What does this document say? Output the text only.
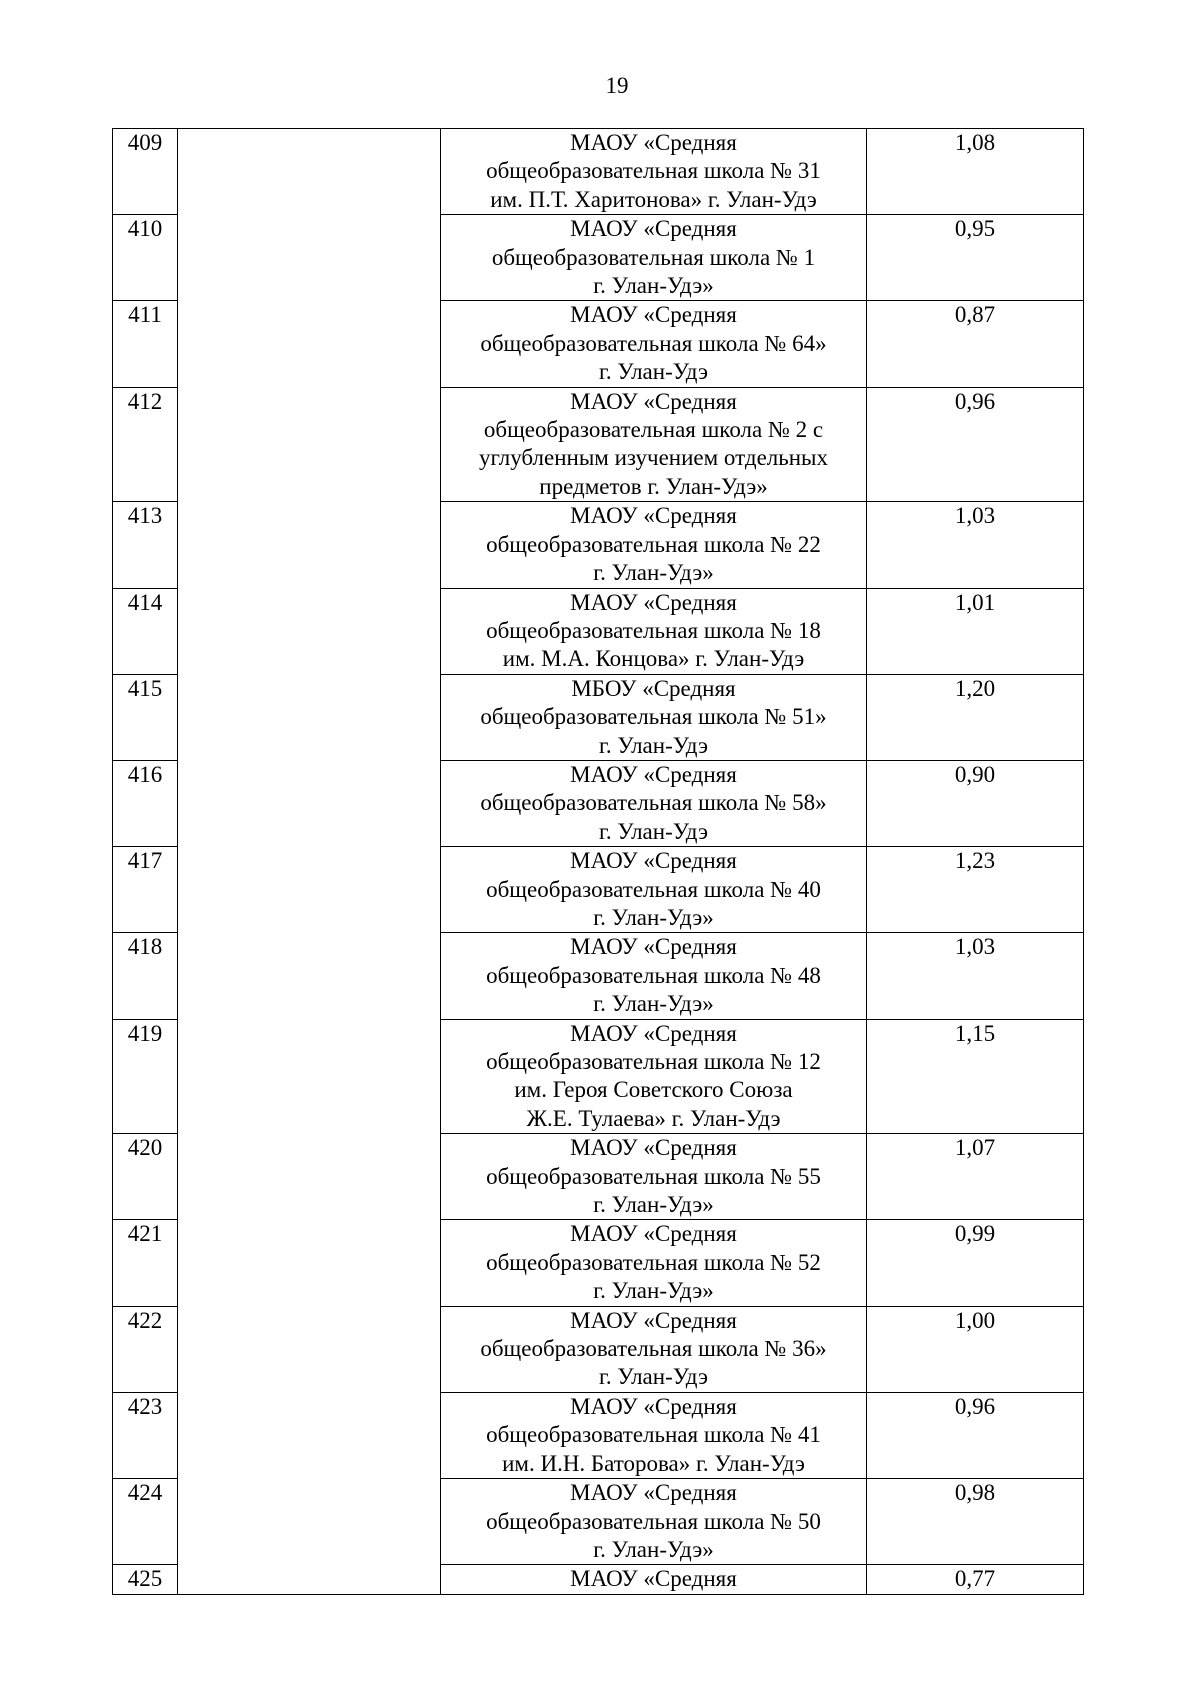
19
409		МАОУ «Средняя
общеобразовательная школа № 31
им. П.Т. Харитонова» г. Улан-Удэ	1,08
410		МАОУ «Средняя
общеобразовательная школа № 1
г. Улан-Удэ»	0,95
411		МАОУ «Средняя
общеобразовательная школа № 64»
г. Улан-Удэ	0,87
412		МАОУ «Средняя
общеобразовательная школа № 2 с
углубленным изучением отдельных
предметов г. Улан-Удэ»	0,96
413		МАОУ «Средняя
общеобразовательная школа № 22
г. Улан-Удэ»	1,03
414		МАОУ «Средняя
общеобразовательная школа № 18
им. М.А. Концова» г. Улан-Удэ	1,01
415		МБОУ «Средняя
общеобразовательная школа № 51»
г. Улан-Удэ	1,20
416		МАОУ «Средняя
общеобразовательная школа № 58»
г. Улан-Удэ	0,90
417		МАОУ «Средняя
общеобразовательная школа № 40
г. Улан-Удэ»	1,23
418		МАОУ «Средняя
общеобразовательная школа № 48
г. Улан-Удэ»	1,03
419		МАОУ «Средняя
общеобразовательная школа № 12
им. Героя Советского Союза
Ж.Е. Тулаева» г. Улан-Удэ	1,15
420		МАОУ «Средняя
общеобразовательная школа № 55
г. Улан-Удэ»	1,07
421		МАОУ «Средняя
общеобразовательная школа № 52
г. Улан-Удэ»	0,99
422		МАОУ «Средняя
общеобразовательная школа № 36»
г. Улан-Удэ	1,00
423		МАОУ «Средняя
общеобразовательная школа № 41
им. И.Н. Баторова» г. Улан-Удэ	0,96
424		МАОУ «Средняя
общеобразовательная школа № 50
г. Улан-Удэ»	0,98
425		МАОУ «Средняя	0,77
